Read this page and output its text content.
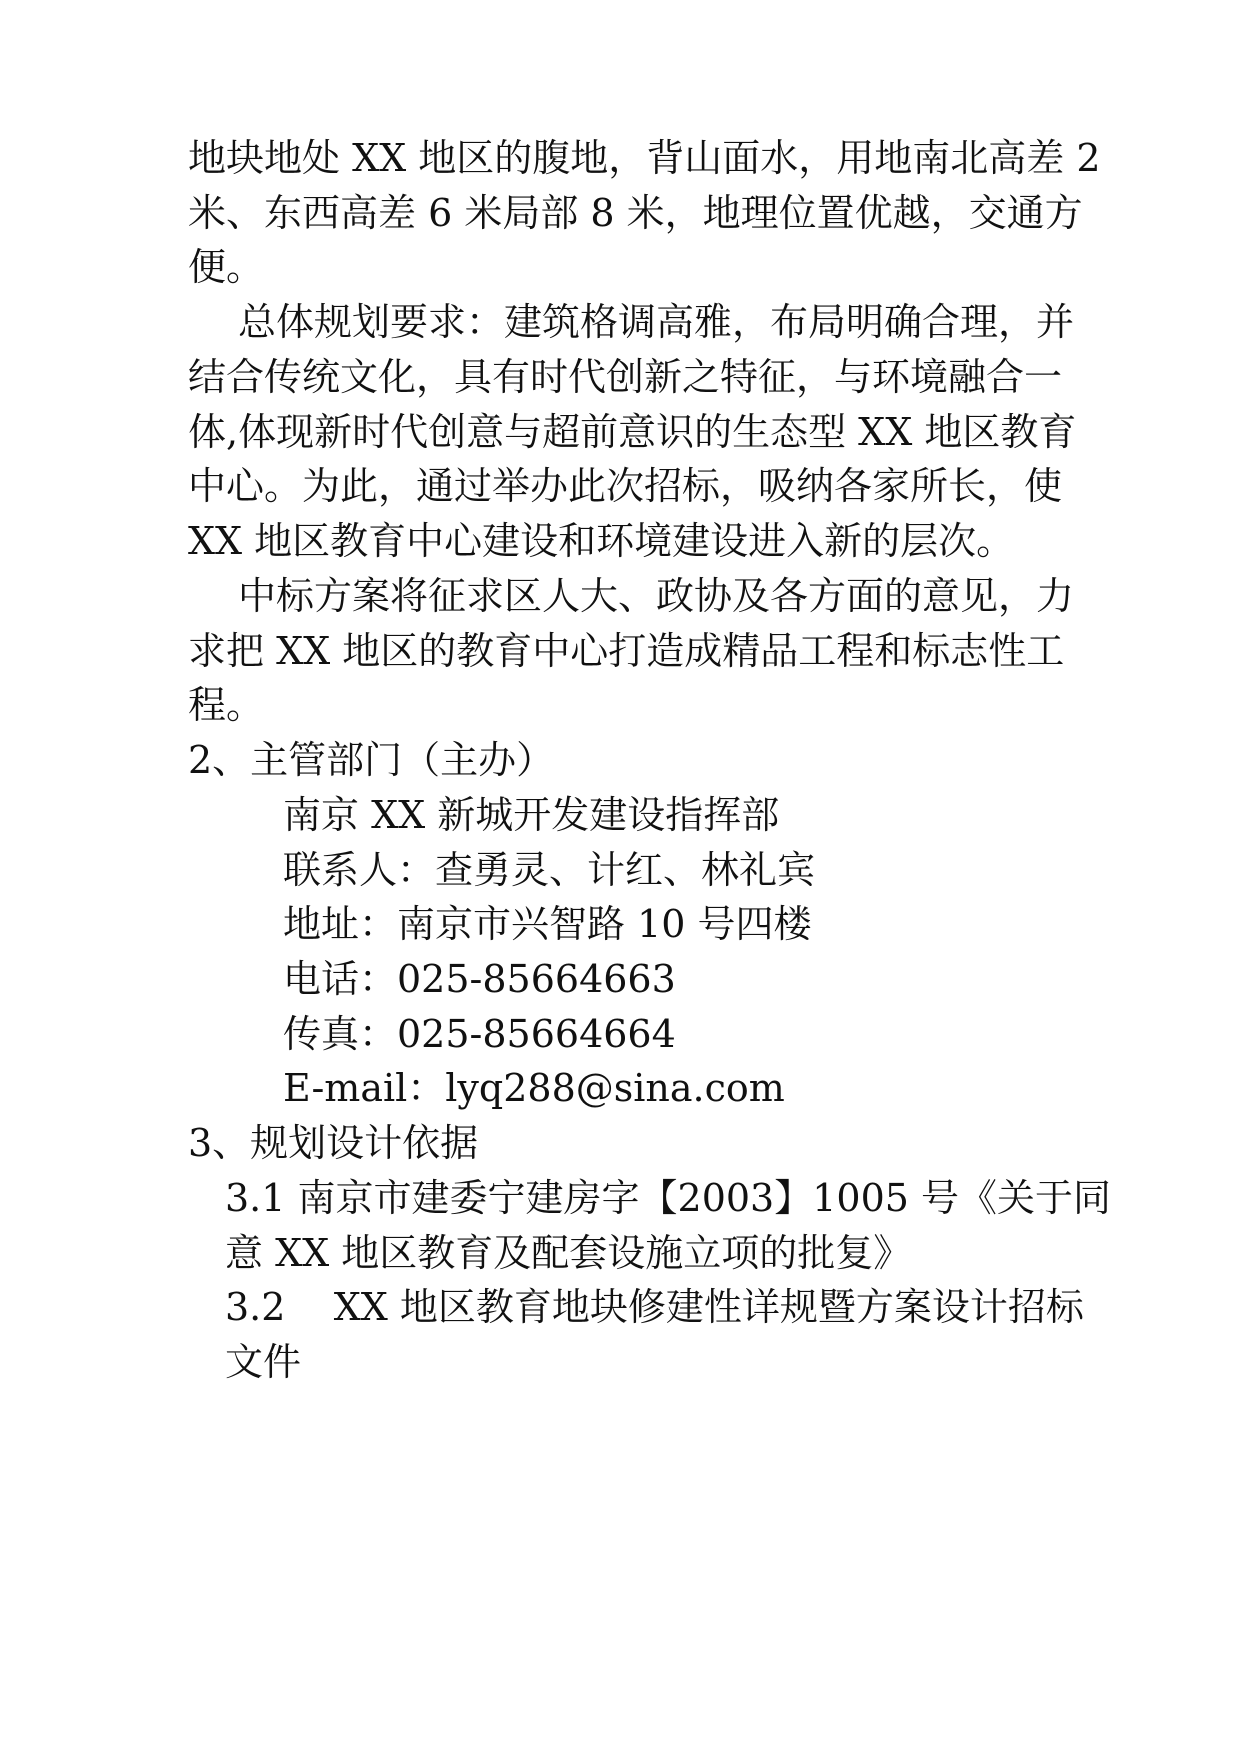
地块地处 XX 地区的腹地，背山面水，用地南北高差 2
米、东西高差 6 米局部 8 米，地理位置优越，交通方
便。
总体规划要求：建筑格调高雅，布局明确合理，并
结合传统文化，具有时代创新之特征，与环境融合一
体,体现新时代创意与超前意识的生态型 XX 地区教育
中心。为此，通过举办此次招标，吸纳各家所长，使
XX 地区教育中心建设和环境建设进入新的层次。
中标方案将征求区人大、政协及各方面的意见，力
求把 XX 地区的教育中心打造成精品工程和标志性工
程。
2、主管部门（主办）
南京 XX 新城开发建设指挥部
联系人：查勇灵、计红、林礼宾
地址：南京市兴智路 10 号四楼
电话：025-85664663
传真：025-85664664
E-mail：lyq288@sina.com
3、规划设计依据
3.1 南京市建委宁建房字【2003】1005 号《关于同
意 XX 地区教育及配套设施立项的批复》
3.2    XX 地区教育地块修建性详规暨方案设计招标
文件
